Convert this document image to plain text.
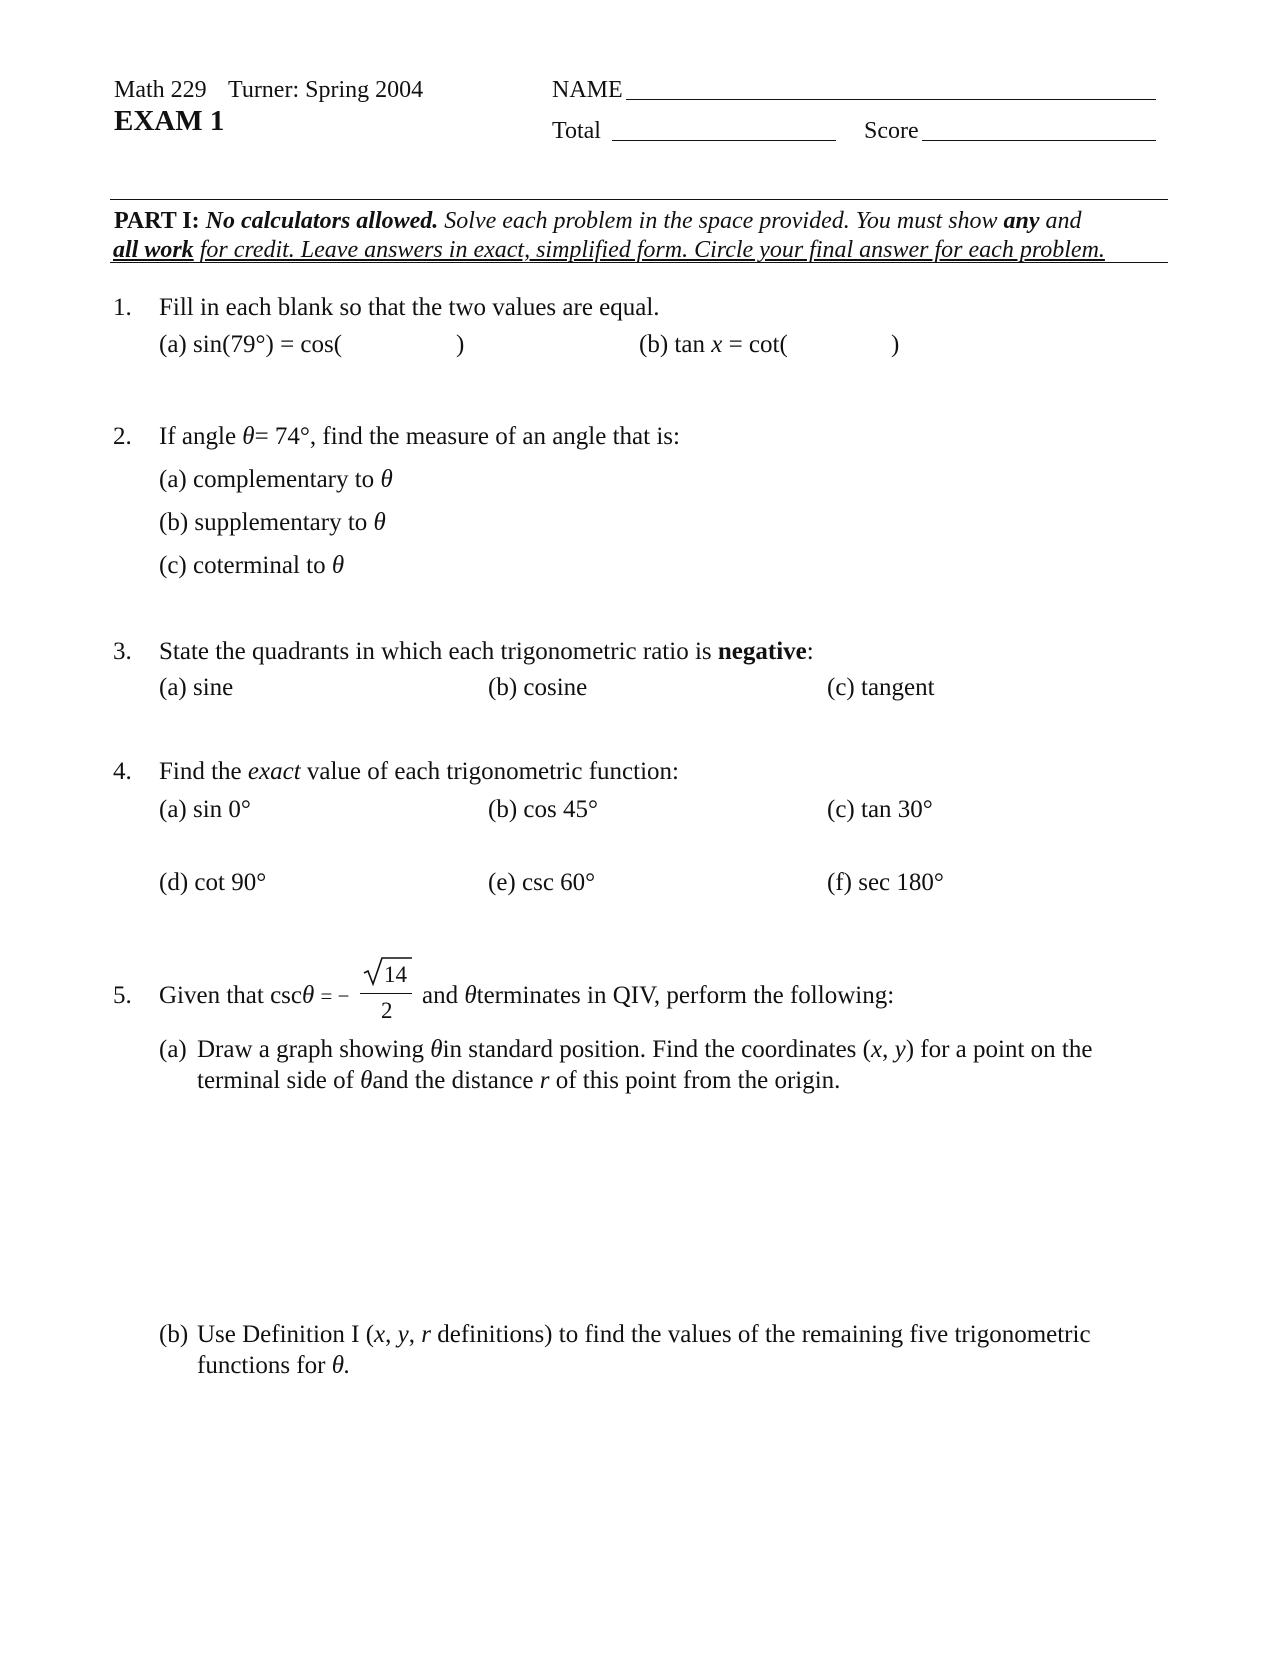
Math 229 Turner: Spring 2004
EXAM 1
NAME
Total	Score
PART I: No calculators allowed. Solve each problem in the space provided. You must show any and
all work for credit. Leave answers in exact, simplified form. Circle your final answer for each problem.
1. Fill in each blank so that the two values are equal.
(a) sin(79°) = cos(	)	(b) tan x = cot(	)
2. If angle θ= 74°, find the measure of an angle that is:
(a) complementary to θ
(b) supplementary to θ
(c) coterminal to θ
3. State the quadrants in which each trigonometric ratio is negative:
(a) sine	(b) cosine	(c) tangent
4. Find the exact value of each trigonometric function:
(a) sin 0°	(b) cos 45°	(c) tan 30°
(d) cot 90°	(e) csc 60°	(f) sec 180°
5. Given that cscθ = −
14
2
and θterminates in QIV, perform the following:
(a) Draw a graph showing θin standard position. Find the coordinates (x, y) for a point on the
terminal side of θand the distance r of this point from the origin.
(b) Use Definition I (x, y, r definitions) to find the values of the remaining five trigonometric
functions for θ.
